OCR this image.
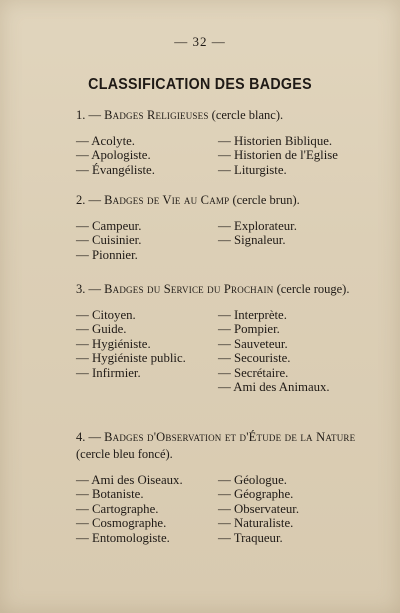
— 32 —
CLASSIFICATION DES BADGES

1. — Badges Religieuses (cercle blanc).

— Acolyte.
— Apologiste.
— Évangéliste.
— Historien Biblique.
— Historien de l'Eglise
— Liturgiste.

2. — Badges de Vie au Camp (cercle brun).

— Campeur.
— Cuisinier.
— Pionnier.
— Explorateur.
— Signaleur.

3. — Badges du Service du Prochain (cercle rouge).

— Citoyen.
— Guide.
— Hygiéniste.
— Hygiéniste public.
— Infirmier.
— Interprète.
— Pompier.
— Sauveteur.
— Secouriste.
— Secrétaire.
— Ami des Animaux.

4. — Badges d'Observation et d'Étude de la Nature (cercle bleu foncé).

— Ami des Oiseaux.
— Botaniste.
— Cartographe.
— Cosmographe.
— Entomologiste.
— Géologue.
— Géographe.
— Observateur.
— Naturaliste.
— Traqueur.
